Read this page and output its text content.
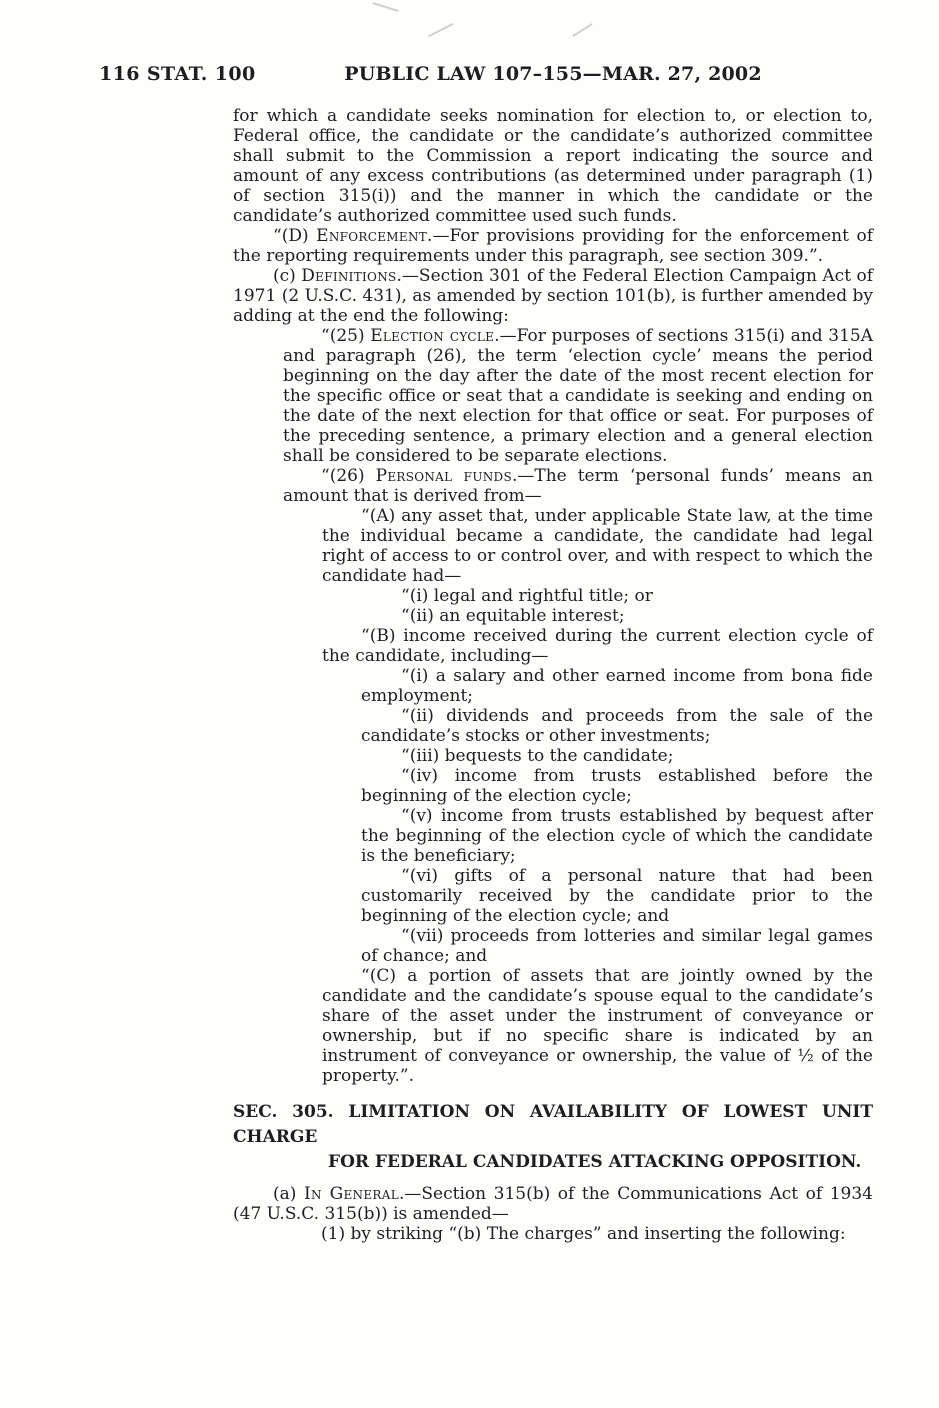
116 STAT. 100	PUBLIC LAW 107–155—MAR. 27, 2002

for which a candidate seeks nomination for election to, or election to, Federal office, the candidate or the candidate’s authorized committee shall submit to the Commission a report indicating the source and amount of any excess contributions (as determined under paragraph (1) of section 315(i)) and the manner in which the candidate or the candidate’s authorized committee used such funds.

“(D) Enforcement.—For provisions providing for the enforcement of the reporting requirements under this paragraph, see section 309.”.

(c) Definitions.—Section 301 of the Federal Election Campaign Act of 1971 (2 U.S.C. 431), as amended by section 101(b), is further amended by adding at the end the following:

“(25) Election cycle.—For purposes of sections 315(i) and 315A and paragraph (26), the term ‘election cycle’ means the period beginning on the day after the date of the most recent election for the specific office or seat that a candidate is seeking and ending on the date of the next election for that office or seat. For purposes of the preceding sentence, a primary election and a general election shall be considered to be separate elections.

“(26) Personal funds.—The term ‘personal funds’ means an amount that is derived from—

“(A) any asset that, under applicable State law, at the time the individual became a candidate, the candidate had legal right of access to or control over, and with respect to which the candidate had—

“(i) legal and rightful title; or

“(ii) an equitable interest;

“(B) income received during the current election cycle of the candidate, including—

“(i) a salary and other earned income from bona fide employment;

“(ii) dividends and proceeds from the sale of the candidate’s stocks or other investments;

“(iii) bequests to the candidate;

“(iv) income from trusts established before the beginning of the election cycle;

“(v) income from trusts established by bequest after the beginning of the election cycle of which the candidate is the beneficiary;

“(vi) gifts of a personal nature that had been customarily received by the candidate prior to the beginning of the election cycle; and

“(vii) proceeds from lotteries and similar legal games of chance; and

“(C) a portion of assets that are jointly owned by the candidate and the candidate’s spouse equal to the candidate’s share of the asset under the instrument of conveyance or ownership, but if no specific share is indicated by an instrument of conveyance or ownership, the value of ½ of the property.”.

SEC. 305. LIMITATION ON AVAILABILITY OF LOWEST UNIT CHARGE
FOR FEDERAL CANDIDATES ATTACKING OPPOSITION.

(a) In General.—Section 315(b) of the Communications Act of 1934 (47 U.S.C. 315(b)) is amended—

(1) by striking “(b) The charges” and inserting the following:
